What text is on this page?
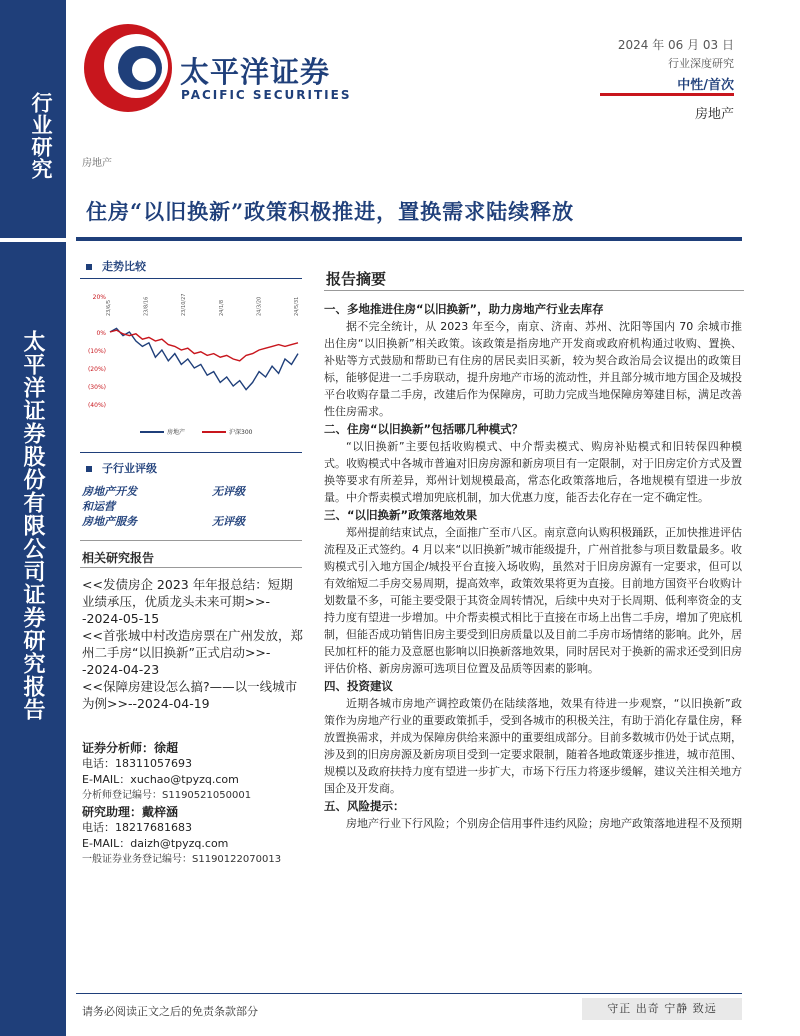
行业研究
太平洋证券股份有限公司证券研究报告
太平洋证券
PACIFIC SECURITIES
2024 年 06 月 03 日
行业深度研究
中性/首次
房地产
房地产
住房“以旧换新”政策积极推进，置换需求陆续释放
走势比较
20%
0%
(10%)
(20%)
(30%)
(40%)
23/6/5	23/8/16	23/10/27	24/1/8	24/3/20	24/5/31
房地产	沪深300
子行业评级
房地产开发	无评级
和运营
房地产服务	无评级
相关研究报告

<<发债房企 2023 年年报总结：短期业绩承压，优质龙头未来可期>>--2024-05-15

<<首张城中村改造房票在广州发放，郑州二手房“以旧换新”正式启动>>--2024-04-23

<<保障房建设怎么搞?——以一线城市为例>>--2024-04-19

证券分析师：徐超
电话：18311057693
E-MAIL：xuchao@tpyzq.com
分析师登记编号：S1190521050001
研究助理：戴梓涵
电话：18217681683
E-MAIL：daizh@tpyzq.com
一般证券业务登记编号：S1190122070013
报告摘要
一、多地推进住房“以旧换新”，助力房地产行业去库存
据不完全统计，从 2023 年至今，南京、济南、苏州、沈阳等国内 70 余城市推出住房“以旧换新”相关政策。该政策是指房地产开发商或政府机构通过收购、置换、补贴等方式鼓励和帮助已有住房的居民卖旧买新，较为契合政治局会议提出的政策目标，能够促进一二手房联动，提升房地产市场的流动性，并且部分城市地方国企及城投平台收购存量二手房，改建后作为保障房，可助力完成当地保障房筹建目标，满足改善性住房需求。
二、住房“以旧换新”包括哪几种模式？
“以旧换新”主要包括收购模式、中介帮卖模式、购房补贴模式和旧转保四种模式。收购模式中各城市普遍对旧房房源和新房项目有一定限制，对于旧房定价方式及置换等要求有所差异，郑州计划规模最高，常态化政策落地后，各地规模有望进一步放量。中介帮卖模式增加兜底机制，加大优惠力度，能否去化存在一定不确定性。
三、“以旧换新”政策落地效果
郑州提前结束试点，全面推广至市八区。南京意向认购积极踊跃，正加快推进评估流程及正式签约。4 月以来“以旧换新”城市能级提升，广州首批参与项目数量最多。收购模式引入地方国企/城投平台直接入场收购，虽然对于旧房房源有一定要求，但可以有效缩短二手房交易周期，提高效率，政策效果将更为直接。目前地方国资平台收购计划数量不多，可能主要受限于其资金周转情况，后续中央对于长周期、低利率资金的支持力度有望进一步增加。中介帮卖模式相比于直接在市场上出售二手房，增加了兜底机制，但能否成功销售旧房主要受到旧房质量以及目前二手房市场情绪的影响。此外，居民加杠杆的能力及意愿也影响以旧换新落地效果，同时居民对于换新的需求还受到旧房评估价格、新房房源可选项目位置及品质等因素的影响。
四、投资建议
近期各城市房地产调控政策仍在陆续落地，效果有待进一步观察，“以旧换新”政策作为房地产行业的重要政策抓手，受到各城市的积极关注，有助于消化存量住房，释放置换需求，并成为保障房供给来源中的重要组成部分。目前多数城市仍处于试点期，涉及到的旧房房源及新房项目受到一定要求限制，随着各地政策逐步推进，城市范围、规模以及政府扶持力度有望进一步扩大，市场下行压力将逐步缓解，建议关注相关地方国企及开发商。
五、风险提示：
房地产行业下行风险；个别房企信用事件违约风险；房地产政策落地进程不及预期
请务必阅读正文之后的免责条款部分	守正 出奇 宁静 致远
